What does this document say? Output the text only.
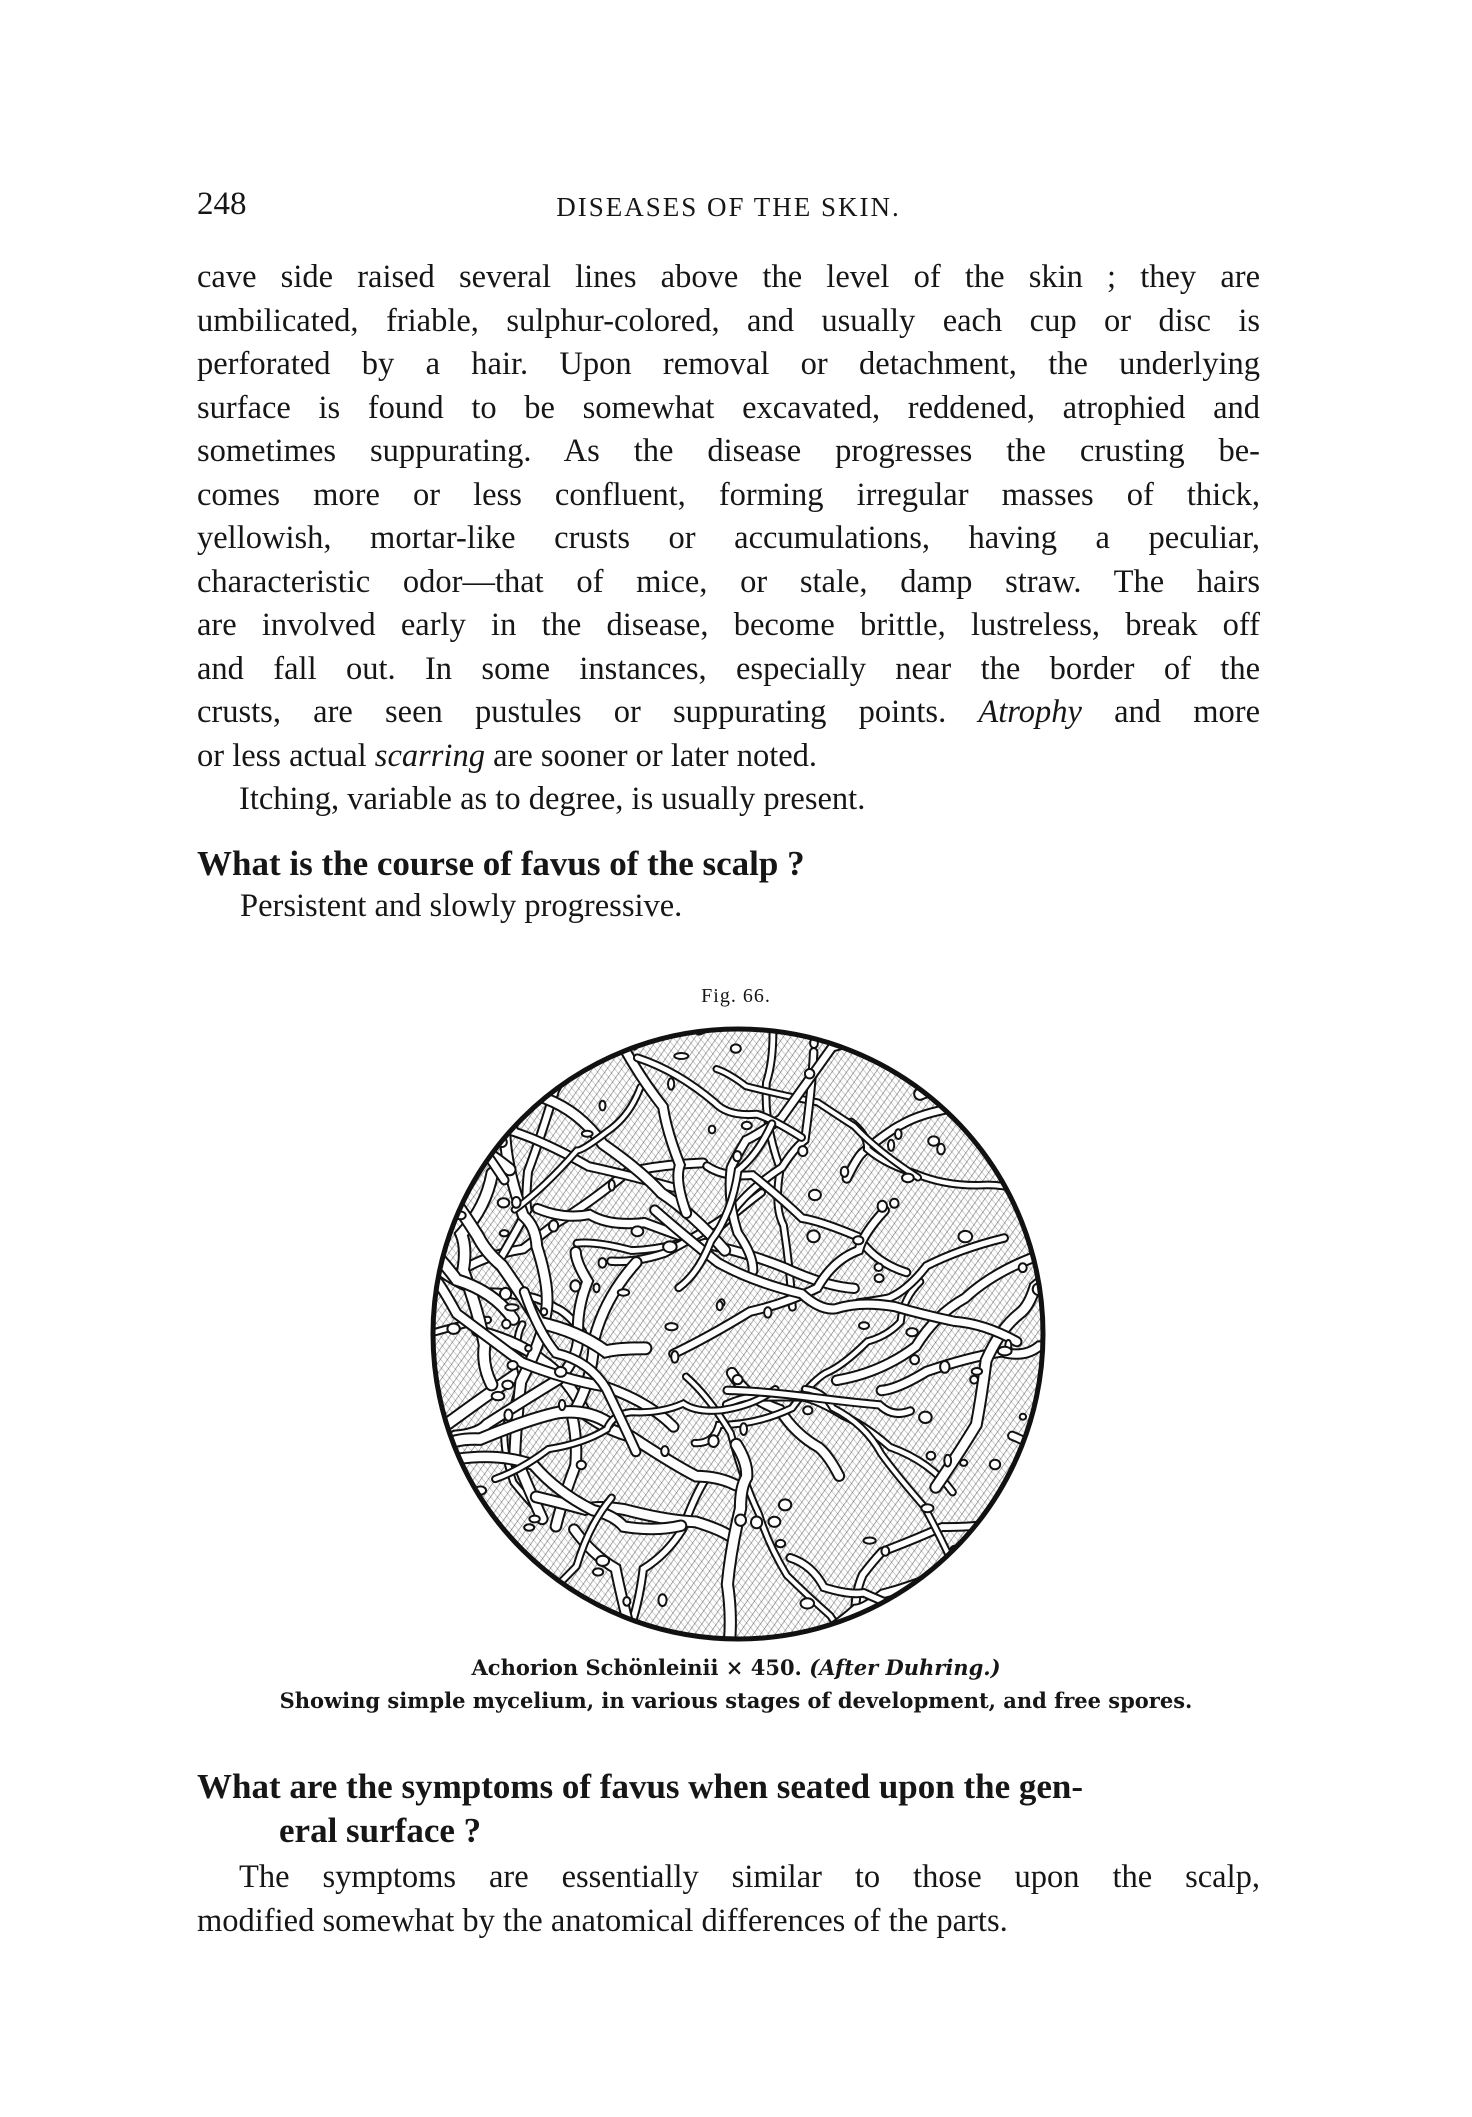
248	DISEASES OF THE SKIN.
cave side raised several lines above the level of the skin ; they are
umbilicated, friable, sulphur-colored, and usually each cup or disc is
perforated by a hair. Upon removal or detachment, the underlying
surface is found to be somewhat excavated, reddened, atrophied and
sometimes suppurating. As the disease progresses the crusting be-
comes more or less confluent, forming irregular masses of thick,
yellowish, mortar-like crusts or accumulations, having a peculiar,
characteristic odor—that of mice, or stale, damp straw. The hairs
are involved early in the disease, become brittle, lustreless, break off
and fall out. In some instances, especially near the border of the
crusts, are seen pustules or suppurating points. Atrophy and more
or less actual scarring are sooner or later noted.
Itching, variable as to degree, is usually present.
What is the course of favus of the scalp ?
Persistent and slowly progressive.
Fig. 66.
Achorion Schönleinii × 450. (After Duhring.)
Showing simple mycelium, in various stages of development, and free spores.
What are the symptoms of favus when seated upon the gen-
eral surface ?
The symptoms are essentially similar to those upon the scalp,
modified somewhat by the anatomical differences of the parts.
